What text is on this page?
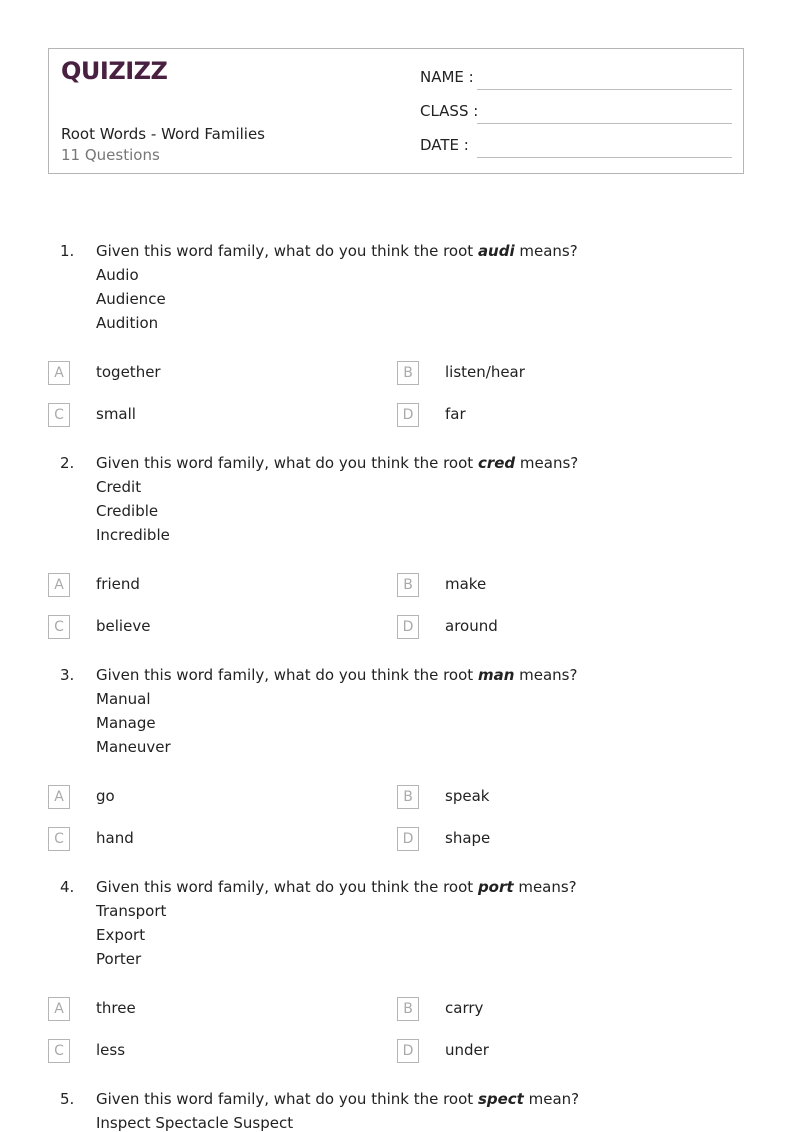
QUIZIZZ
Root Words - Word Families
11 Questions
NAME :
CLASS :
DATE :
1. Given this word family, what do you think the root audi means?
Audio
Audience
Audition
A	together	B	listen/hear
C	small	D	far
2. Given this word family, what do you think the root cred means?
Credit
Credible
Incredible
A	friend	B	make
C	believe	D	around
3. Given this word family, what do you think the root man means?
Manual
Manage
Maneuver
A	go	B	speak
C	hand	D	shape
4. Given this word family, what do you think the root port means?
Transport
Export
Porter
A	three	B	carry
C	less	D	under
5. Given this word family, what do you think the root spect mean?
Inspect Spectacle Suspect
